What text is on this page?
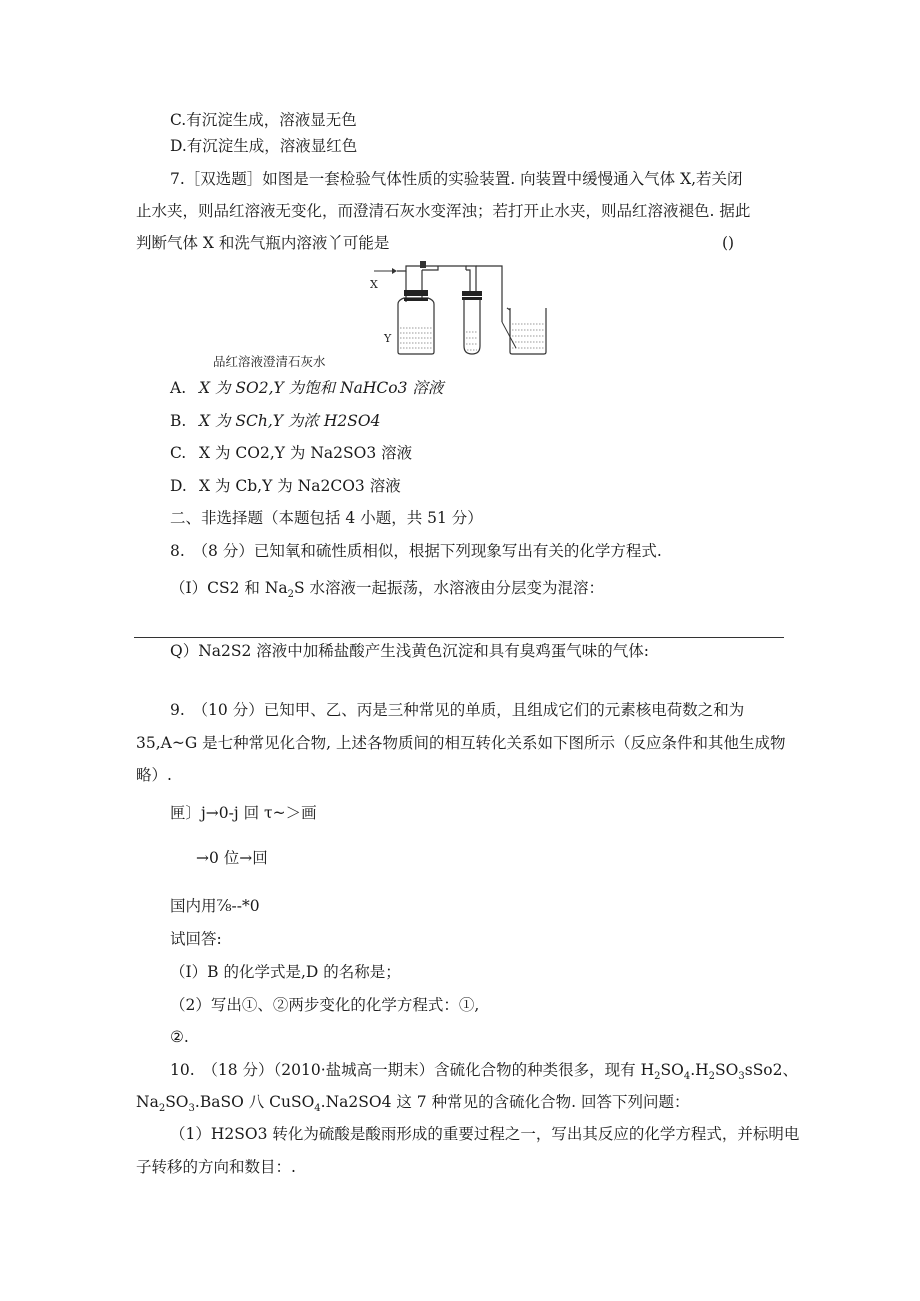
C.有沉淀生成，溶液显无色
D.有沉淀生成，溶液显红色
7.［双选题］如图是一套检验气体性质的实验装置. 向装置中缓慢通入气体 X,若关闭
止水夹，则品红溶液无变化，而澄清石灰水变浑浊；若打开止水夹，则品红溶液褪色. 据此
判断气体 X 和洗气瓶内溶液丫可能是	()
X
Y
品红溶液澄清石灰水
A. X 为 SO2,Y 为饱和 NaHCo3 溶液
B. X 为 SCh,Y 为浓 H2SO4
C. X 为 CO2,Y 为 Na2SO3 溶液
D. X 为 Cb,Y 为 Na2CO3 溶液
二、非选择题（本题包括 4 小题，共 51 分）
8.　（8 分）已知氧和硫性质相似，根据下列现象写出有关的化学方程式.
（I）CS2 和 $Na_2S$ 水溶液一起振荡，水溶液由分层变为混溶：
Q）Na2S2 溶液中加稀盐酸产生浅黄色沉淀和具有臭鸡蛋气味的气体:
9.　（10 分）已知甲、乙、丙是三种常见的单质，且组成它们的元素核电荷数之和为
35,A~G 是七种常见化合物, 上述各物质间的相互转化关系如下图所示（反应条件和其他生成物
略）.
匣〕j→0-j 回 τ~＞画
→0 位→回
国内用⅞--*0
试回答:
（I）B 的化学式是,D 的名称是；
（2）写出①、②两步变化的化学方程式：①,
②.
10.　（18 分）（2010·盐城高一期末）含硫化合物的种类很多，现有 $H_2SO_4.H_2SO_3sSo2$、
$Na_2SO_3.BaSO$ 八 CuSO$_4$.Na2SO4 这 7 种常见的含硫化合物. 回答下列问题：
（1）H2SO3 转化为硫酸是酸雨形成的重要过程之一，写出其反应的化学方程式，并标明电
子转移的方向和数目：.
